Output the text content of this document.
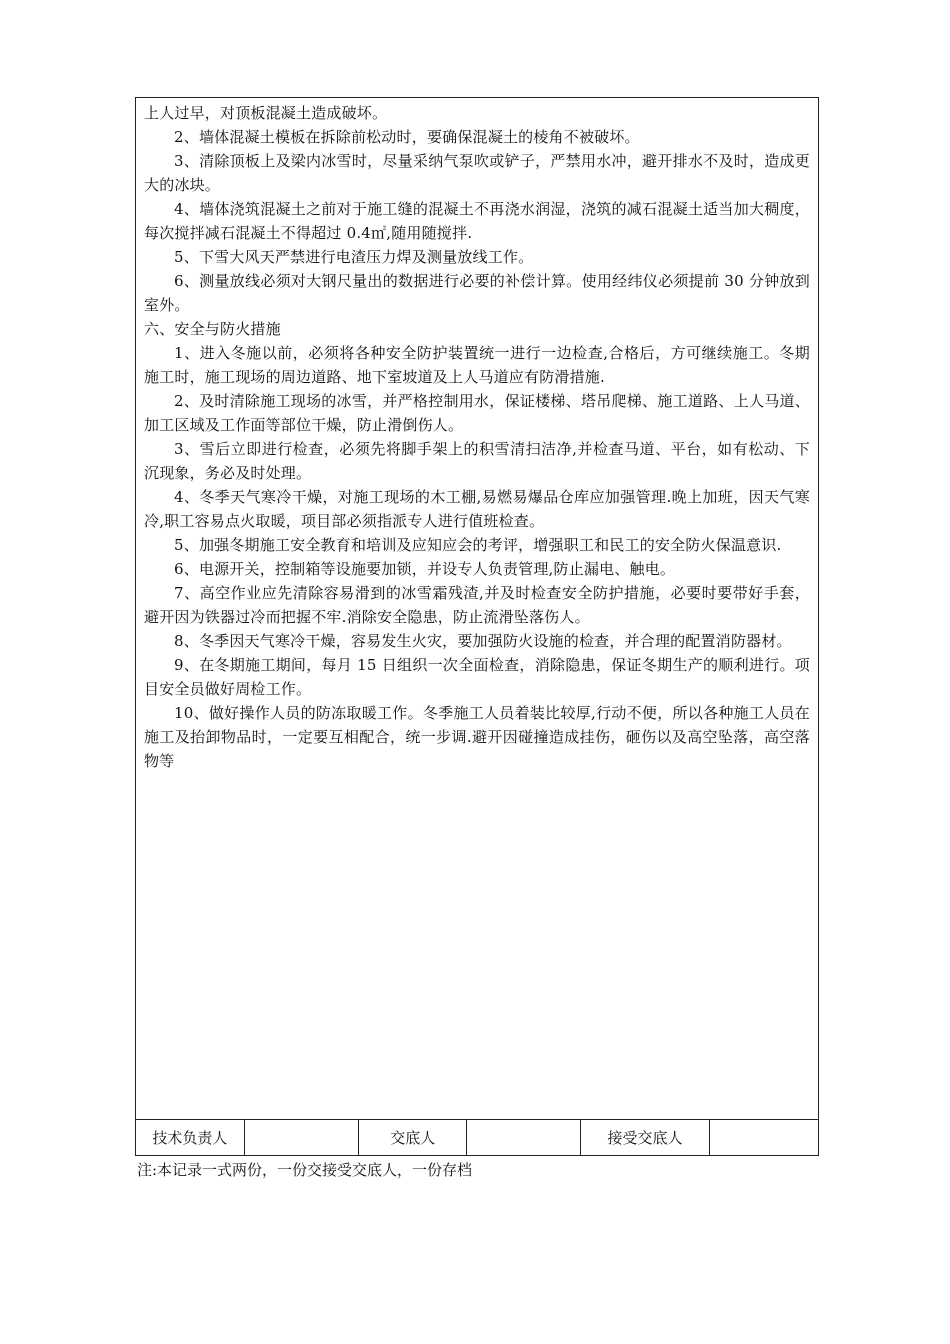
上人过早，对顶板混凝土造成破坏。

2、墙体混凝土模板在拆除前松动时，要确保混凝土的棱角不被破坏。

3、清除顶板上及梁内冰雪时，尽量采纳气泵吹或铲子，严禁用水冲，避开排水不及时，造成更大的冰块。

4、墙体浇筑混凝土之前对于施工缝的混凝土不再浇水润湿，浇筑的减石混凝土适当加大稠度，每次搅拌减石混凝土不得超过 0.4㎡,随用随搅拌.

5、下雪大风天严禁进行电渣压力焊及测量放线工作。

6、测量放线必须对大钢尺量出的数据进行必要的补偿计算。使用经纬仪必须提前 30 分钟放到室外。

六、安全与防火措施

1、进入冬施以前，必须将各种安全防护装置统一进行一边检查,合格后，方可继续施工。冬期施工时，施工现场的周边道路、地下室坡道及上人马道应有防滑措施.

2、及时清除施工现场的冰雪，并严格控制用水，保证楼梯、塔吊爬梯、施工道路、上人马道、加工区域及工作面等部位干燥，防止滑倒伤人。

3、雪后立即进行检查，必须先将脚手架上的积雪清扫洁净,并检查马道、平台，如有松动、下沉现象，务必及时处理。

4、冬季天气寒冷干燥，对施工现场的木工棚,易燃易爆品仓库应加强管理.晚上加班，因天气寒冷,职工容易点火取暖，项目部必须指派专人进行值班检查。

5、加强冬期施工安全教育和培训及应知应会的考评，增强职工和民工的安全防火保温意识.

6、电源开关，控制箱等设施要加锁，并设专人负责管理,防止漏电、触电。

7、高空作业应先清除容易滑到的冰雪霜残渣,并及时检查安全防护措施，必要时要带好手套，避开因为铁器过冷而把握不牢.消除安全隐患，防止流滑坠落伤人。

8、冬季因天气寒冷干燥，容易发生火灾，要加强防火设施的检查，并合理的配置消防器材。

9、在冬期施工期间，每月 15 日组织一次全面检查，消除隐患，保证冬期生产的顺利进行。项目安全员做好周检工作。

10、做好操作人员的防冻取暖工作。冬季施工人员着装比较厚,行动不便，所以各种施工人员在施工及抬卸物品时，一定要互相配合，统一步调.避开因碰撞造成挂伤，砸伤以及高空坠落，高空落物等

技术负责人	交底人	接受交底人
注:本记录一式两份，一份交接受交底人，一份存档
